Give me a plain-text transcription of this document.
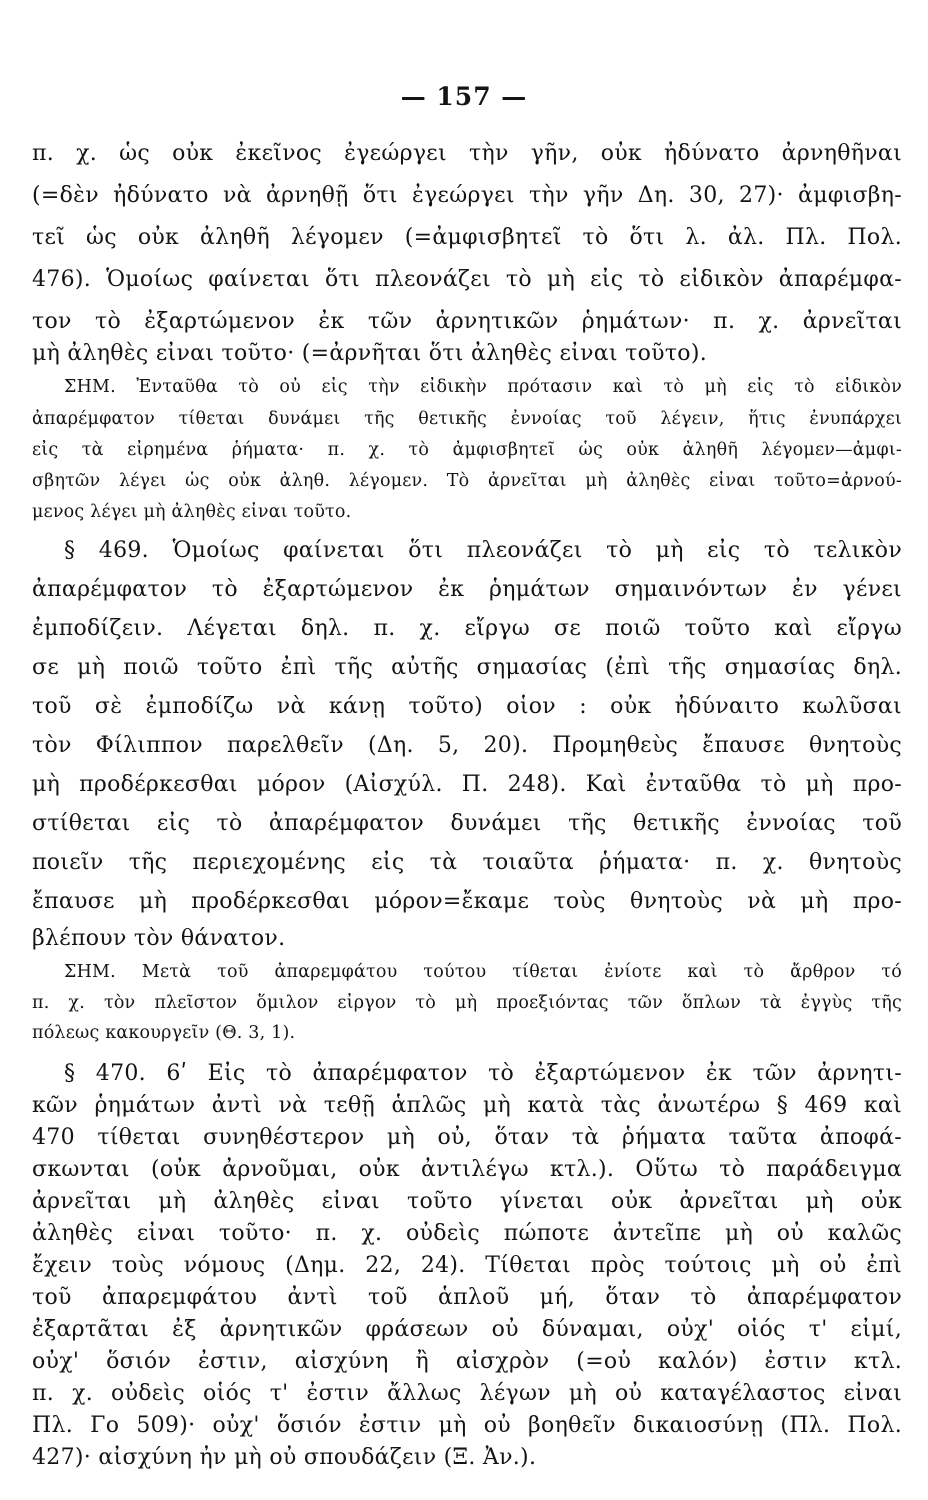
— 157 —
π. χ. ὡς οὐκ ἐκεῖνος ἐγεώργει τὴν γῆν, οὐκ ἠδύνατο ἀρνηθῆναι
(=δὲν ἠδύνατο νὰ ἀρνηθῇ ὅτι ἐγεώργει τὴν γῆν Δη. 30, 27)· ἀμφισβη-
τεῖ ὡς οὐκ ἀληθῆ λέγομεν (=ἀμφισβητεῖ τὸ ὅτι λ. ἀλ. Πλ. Πολ.
476). Ὁμοίως φαίνεται ὅτι πλεονάζει τὸ μὴ εἰς τὸ εἰδικὸν ἀπαρέμφα-
τον τὸ ἐξαρτώμενον ἐκ τῶν ἀρνητικῶν ῥημάτων· π. χ. ἀρνεῖται
μὴ ἀληθὲς εἶναι τοῦτο· (=ἀρνῆται ὅτι ἀληθὲς εἶναι τοῦτο).
ΣΗΜ. Ἐνταῦθα τὸ οὐ εἰς τὴν εἰδικὴν πρότασιν καὶ τὸ μὴ εἰς τὸ εἰδικὸν
ἀπαρέμφατον τίθεται δυνάμει τῆς θετικῆς ἐννοίας τοῦ λέγειν, ἥτις ἐνυπάρχει
εἰς τὰ εἰρημένα ῥήματα· π. χ. τὸ ἀμφισβητεῖ ὡς οὐκ ἀληθῆ λέγομεν—ἀμφι-
σβητῶν λέγει ὡς οὐκ ἀληθ. λέγομεν. Τὸ ἀρνεῖται μὴ ἀληθὲς εἶναι τοῦτο=ἀρνού-
μενος λέγει μὴ ἀληθὲς εἶναι τοῦτο.
§ 469. Ὁμοίως φαίνεται ὅτι πλεονάζει τὸ μὴ εἰς τὸ τελικὸν
ἀπαρέμφατον τὸ ἐξαρτώμενον ἐκ ῥημάτων σημαινόντων ἐν γένει
ἐμποδίζειν. Λέγεται δηλ. π. χ. εἴργω σε ποιῶ τοῦτο καὶ εἴργω
σε μὴ ποιῶ τοῦτο ἐπὶ τῆς αὐτῆς σημασίας (ἐπὶ τῆς σημασίας δηλ.
τοῦ σὲ ἐμποδίζω νὰ κάνῃ τοῦτο) οἷον : οὐκ ἠδύναιτο κωλῦσαι
τὸν Φίλιππον παρελθεῖν (Δη. 5, 20). Προμηθεὺς ἔπαυσε θνητοὺς
μὴ προδέρκεσθαι μόρον (Αἰσχύλ. Π. 248). Καὶ ἐνταῦθα τὸ μὴ προ-
στίθεται εἰς τὸ ἀπαρέμφατον δυνάμει τῆς θετικῆς ἐννοίας τοῦ
ποιεῖν τῆς περιεχομένης εἰς τὰ τοιαῦτα ῥήματα· π. χ. θνητοὺς
ἔπαυσε μὴ προδέρκεσθαι μόρον=ἔκαμε τοὺς θνητοὺς νὰ μὴ προ-
βλέπουν τὸν θάνατον.
ΣΗΜ. Μετὰ τοῦ ἀπαρεμφάτου τούτου τίθεται ἐνίοτε καὶ τὸ ἄρθρον τό
π. χ. τὸν πλεῖστον ὅμιλον εἶργον τὸ μὴ προεξιόντας τῶν ὅπλων τὰ ἐγγὺς τῆς
πόλεως κακουργεῖν (Θ. 3, 1).
§ 470. 6ʹ Εἰς τὸ ἀπαρέμφατον τὸ ἐξαρτώμενον ἐκ τῶν ἀρνητι-
κῶν ῥημάτων ἀντὶ νὰ τεθῇ ἁπλῶς μὴ κατὰ τὰς ἀνωτέρω § 469 καὶ
470 τίθεται συνηθέστερον μὴ οὐ, ὅταν τὰ ῥήματα ταῦτα ἀποφά-
σκωνται (οὐκ ἀρνοῦμαι, οὐκ ἀντιλέγω κτλ.). Οὕτω τὸ παράδειγμα
ἀρνεῖται μὴ ἀληθὲς εἶναι τοῦτο γίνεται οὐκ ἀρνεῖται μὴ οὐκ
ἀληθὲς εἶναι τοῦτο· π. χ. οὐδεὶς πώποτε ἀντεῖπε μὴ οὐ καλῶς
ἔχειν τοὺς νόμους (Δημ. 22, 24). Τίθεται πρὸς τούτοις μὴ οὐ ἐπὶ
τοῦ ἀπαρεμφάτου ἀντὶ τοῦ ἁπλοῦ μή, ὅταν τὸ ἀπαρέμφατον
ἐξαρτᾶται ἐξ ἀρνητικῶν φράσεων οὐ δύναμαι, οὐχ' οἷός τ' εἰμί,
οὐχ' ὅσιόν ἐστιν, αἰσχύνη ἢ αἰσχρὸν (=οὐ καλόν) ἐστιν κτλ.
π. χ. οὐδεὶς οἷός τ' ἐστιν ἄλλως λέγων μὴ οὐ καταγέλαστος εἶναι
Πλ. Γο 509)· οὐχ' ὅσιόν ἐστιν μὴ οὐ βοηθεῖν δικαιοσύνῃ (Πλ. Πολ.
427)· αἰσχύνη ἦν μὴ οὐ σπουδάζειν (Ξ. Ἀν.).
